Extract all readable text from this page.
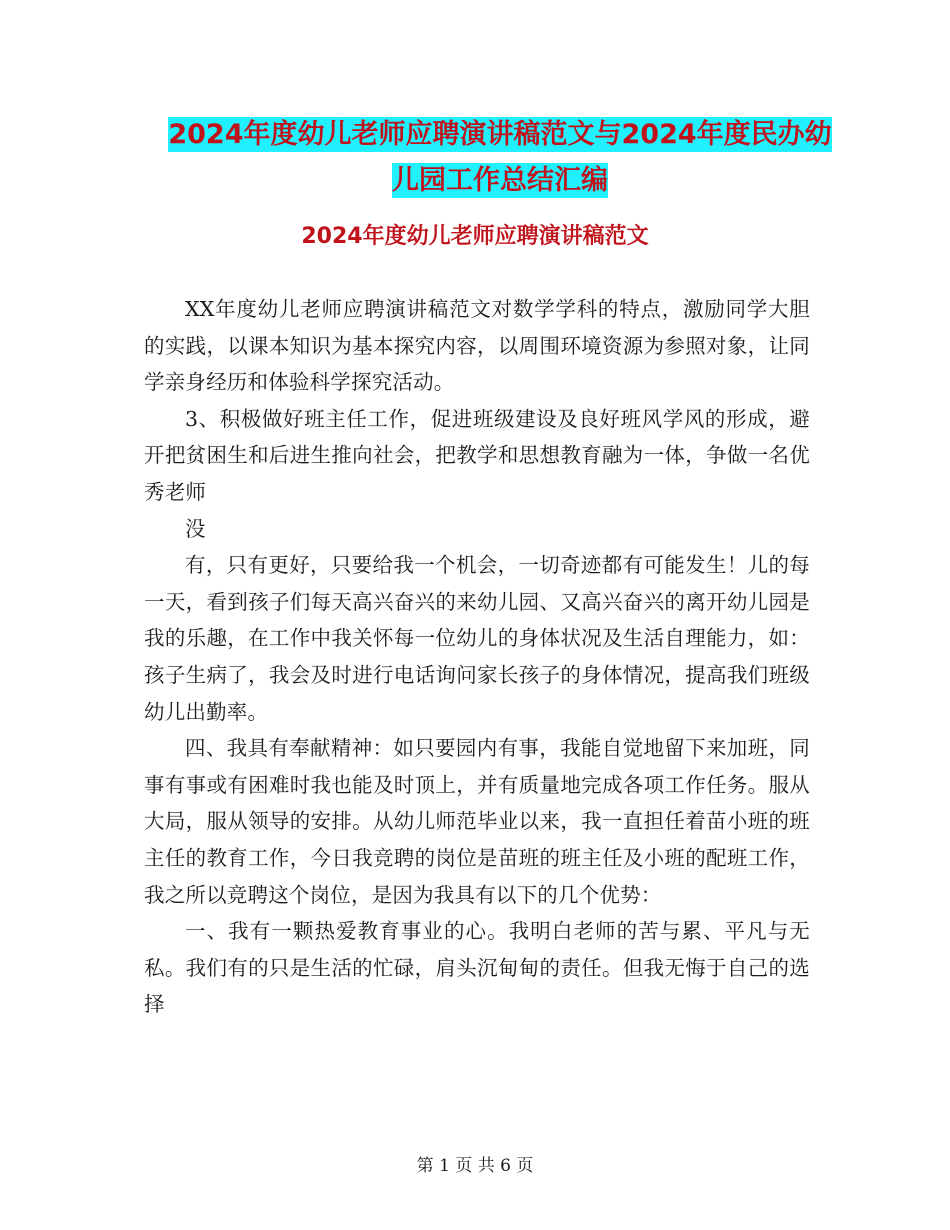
2024年度幼儿老师应聘演讲稿范文与2024年度民办幼
儿园工作总结汇编
2024年度幼儿老师应聘演讲稿范文

XX年度幼儿老师应聘演讲稿范文对数学学科的特点，激励同学大胆的实践，以课本知识为基本探究内容，以周围环境资源为参照对象，让同学亲身经历和体验科学探究活动。

3、积极做好班主任工作，促进班级建设及良好班风学风的形成，避开把贫困生和后进生推向社会，把教学和思想教育融为一体，争做一名优秀老师

没

有，只有更好，只要给我一个机会，一切奇迹都有可能发生！儿的每一天，看到孩子们每天高兴奋兴的来幼儿园、又高兴奋兴的离开幼儿园是我的乐趣，在工作中我关怀每一位幼儿的身体状况及生活自理能力，如：孩子生病了，我会及时进行电话询问家长孩子的身体情况，提高我们班级幼儿出勤率。

四、我具有奉献精神：如只要园内有事，我能自觉地留下来加班，同事有事或有困难时我也能及时顶上，并有质量地完成各项工作任务。服从大局，服从领导的安排。从幼儿师范毕业以来，我一直担任着苗小班的班主任的教育工作，今日我竞聘的岗位是苗班的班主任及小班的配班工作，我之所以竞聘这个岗位，是因为我具有以下的几个优势：

一、我有一颗热爱教育事业的心。我明白老师的苦与累、平凡与无私。我们有的只是生活的忙碌，肩头沉甸甸的责任。但我无悔于自己的选择

第 1 页 共 6 页
